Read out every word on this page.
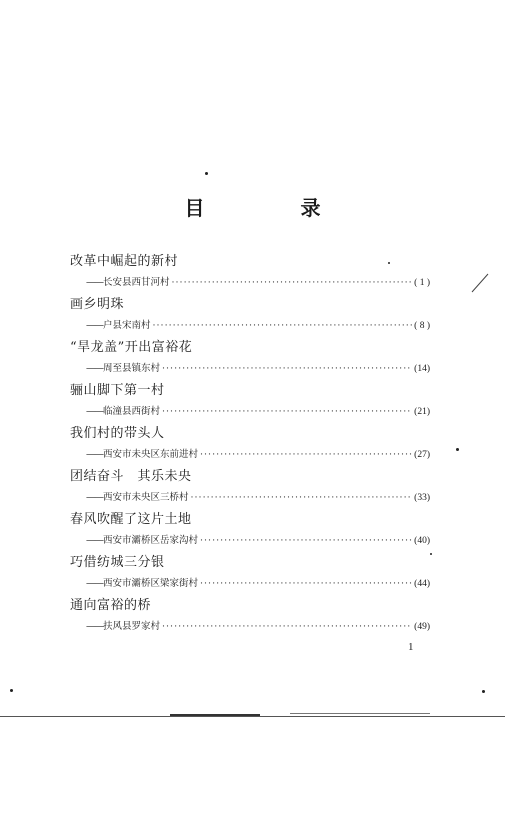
目　录
改革中崛起的新村
—— 长安县西甘河村 ·····	( 1 )
画乡明珠
—— 户县宋南村 ·····	( 8 )
“旱龙盖”开出富裕花
—— 周至县镇东村 ·····	(14)
骊山脚下第一村
—— 临潼县西街村 ·····	(21)
我们村的带头人
—— 西安市未央区东前进村 ·····	(27)
团结奋斗　其乐未央
—— 西安市未央区三桥村 ·····	(33)
春风吹醒了这片土地
—— 西安市灞桥区岳家沟村 ·····	(40)
巧借纺城三分银
—— 西安市灞桥区梁家街村 ·····	(44)
通向富裕的桥
—— 扶风县罗家村 ·····	(49)
1
